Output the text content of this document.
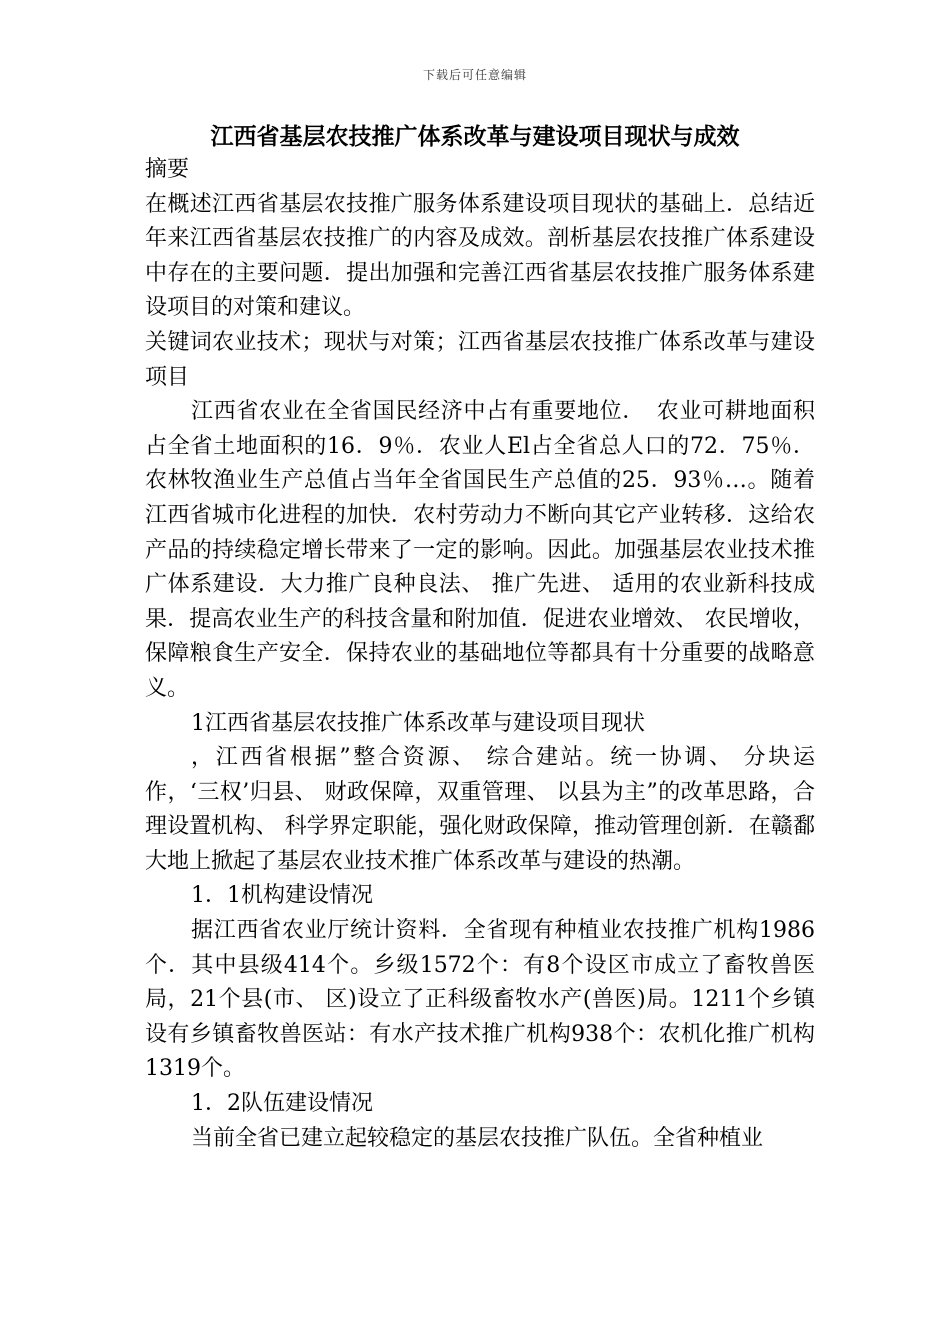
下载后可任意编辑
江西省基层农技推广体系改革与建设项目现状与成效

摘要

在概述江西省基层农技推广服务体系建设项目现状的基础上．总结近年来江西省基层农技推广的内容及成效。剖析基层农技推广体系建设中存在的主要问题．提出加强和完善江西省基层农技推广服务体系建设项目的对策和建议。

关键词农业技术；现状与对策；江西省基层农技推广体系改革与建设项目

江西省农业在全省国民经济中占有重要地位．　农业可耕地面积占全省土地面积的16．9％．农业人El占全省总人口的72．75％．农林牧渔业生产总值占当年全省国民生产总值的25．93％…。随着江西省城市化进程的加快．农村劳动力不断向其它产业转移．这给农产品的持续稳定增长带来了一定的影响。因此。加强基层农业技术推广体系建设．大力推广良种良法、 推广先进、 适用的农业新科技成果．提高农业生产的科技含量和附加值．促进农业增效、 农民增收，保障粮食生产安全．保持农业的基础地位等都具有十分重要的战略意义。

1江西省基层农技推广体系改革与建设项目现状

，江西省根据”整合资源、 综合建站。统一协调、 分块运作，‘三权’归县、 财政保障，双重管理、 以县为主”的改革思路，合理设置机构、 科学界定职能，强化财政保障，推动管理创新．在赣鄱大地上掀起了基层农业技术推广体系改革与建设的热潮。

1．1机构建设情况

据江西省农业厅统计资料．全省现有种植业农技推广机构1986个．其中县级414个。乡级1572个：有8个设区市成立了畜牧兽医局，21个县(市、 区)设立了正科级畜牧水产(兽医)局。1211个乡镇设有乡镇畜牧兽医站：有水产技术推广机构938个：农机化推广机构1319个。

1．2队伍建设情况

当前全省已建立起较稳定的基层农技推广队伍。全省种植业
